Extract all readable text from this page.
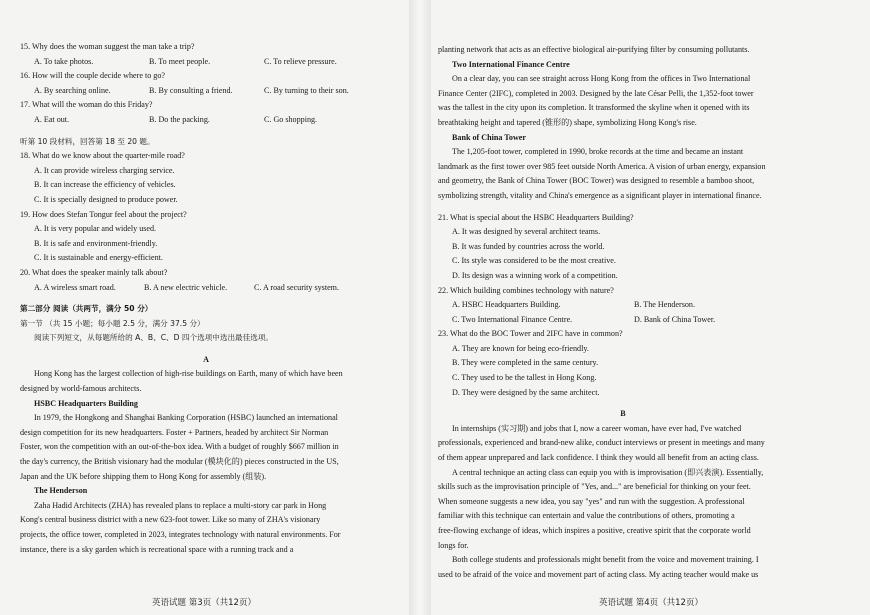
15. Why does the woman suggest the man take a trip?
A. To take photos.	B. To meet people.	C. To relieve pressure.
16. How will the couple decide where to go?
A. By searching online.	B. By consulting a friend.	C. By turning to their son.
17. What will the woman do this Friday?
A. Eat out.	B. Do the packing.	C. Go shopping.
听第 10 段材料，回答第 18 至 20 题。
18. What do we know about the quarter-mile road?
A. It can provide wireless charging service.
B. It can increase the efficiency of vehicles.
C. It is specially designed to produce power.
19. How does Stefan Tongur feel about the project?
A. It is very popular and widely used.
B. It is safe and environment-friendly.
C. It is sustainable and energy-efficient.
20. What does the speaker mainly talk about?
A. A wireless smart road.	B. A new electric vehicle.	C. A road security system.
第二部分 阅读（共两节，满分 50 分）
第一节 （共 15 小题；每小题 2.5 分，满分 37.5 分）
阅读下列短文，从每题所给的 A、B、C、D 四个选项中选出最佳选项。
A
Hong Kong has the largest collection of high-rise buildings on Earth, many of which have been
designed by world-famous architects.
HSBC Headquarters Building
In 1979, the Hongkong and Shanghai Banking Corporation (HSBC) launched an international
design competition for its new headquarters. Foster + Partners, headed by architect Sir Norman
Foster, won the competition with an out-of-the-box idea. With a budget of roughly $667 million in
the day's currency, the British visionary had the modular (模块化的) pieces constructed in the US,
Japan and the UK before shipping them to Hong Kong for assembly (组装).
The Henderson
Zaha Hadid Architects (ZHA) has revealed plans to replace a multi-story car park in Hong
Kong's central business district with a new 623-foot tower. Like so many of ZHA's visionary
projects, the office tower, completed in 2023, integrates technology with natural environments. For
instance, there is a sky garden which is recreational space with a running track and a
英语试题 第3页（共12页）
planting network that acts as an effective biological air-purifying filter by consuming pollutants.
Two International Finance Centre
On a clear day, you can see straight across Hong Kong from the offices in Two International
Finance Center (2IFC), completed in 2003. Designed by the late César Pelli, the 1,352-foot tower
was the tallest in the city upon its completion. It transformed the skyline when it opened with its
breathtaking height and tapered (锥形的) shape, symbolizing Hong Kong's rise.
Bank of China Tower
The 1,205-foot tower, completed in 1990, broke records at the time and became an instant
landmark as the first tower over 985 feet outside North America. A vision of urban energy, expansion
and geometry, the Bank of China Tower (BOC Tower) was designed to resemble a bamboo shoot,
symbolizing strength, vitality and China's emergence as a significant player in international finance.
21. What is special about the HSBC Headquarters Building?
A. It was designed by several architect teams.
B. It was funded by countries across the world.
C. Its style was considered to be the most creative.
D. Its design was a winning work of a competition.
22. Which building combines technology with nature?
A. HSBC Headquarters Building.	B. The Henderson.
C. Two International Finance Centre.	D. Bank of China Tower.
23. What do the BOC Tower and 2IFC have in common?
A. They are known for being eco-friendly.
B. They were completed in the same century.
C. They used to be the tallest in Hong Kong.
D. They were designed by the same architect.
B
In internships (实习期) and jobs that I, now a career woman, have ever had, I've watched
professionals, experienced and brand-new alike, conduct interviews or present in meetings and many
of them appear unprepared and lack confidence. I think they would all benefit from an acting class.
A central technique an acting class can equip you with is improvisation (即兴表演). Essentially,
skills such as the improvisation principle of "Yes, and..." are beneficial for thinking on your feet.
When someone suggests a new idea, you say "yes" and run with the suggestion. A professional
familiar with this technique can entertain and value the contributions of others, promoting a
free-flowing exchange of ideas, which inspires a positive, creative spirit that the corporate world
longs for.
Both college students and professionals might benefit from the voice and movement training. I
used to be afraid of the voice and movement part of acting class. My acting teacher would make us
英语试题 第4页（共12页）
